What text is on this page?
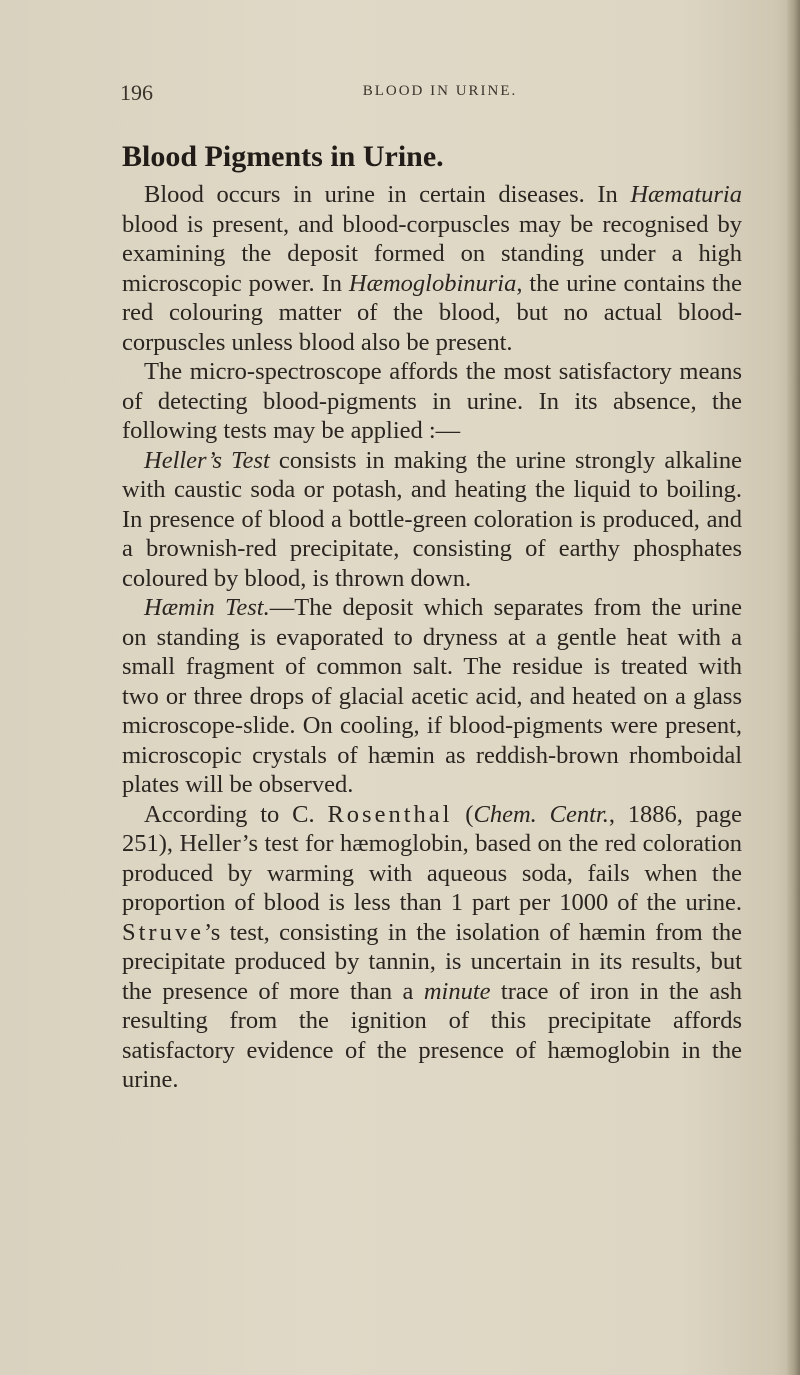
196	BLOOD IN URINE.
Blood Pigments in Urine.

Blood occurs in urine in certain diseases. In Hæmaturia blood is present, and blood-corpuscles may be recognised by examining the deposit formed on standing under a high microscopic power. In Hæmoglobinuria, the urine contains the red colouring matter of the blood, but no actual blood-corpuscles unless blood also be present.

The micro-spectroscope affords the most satisfactory means of detecting blood-pigments in urine. In its absence, the following tests may be applied :—

Heller’s Test consists in making the urine strongly alkaline with caustic soda or potash, and heating the liquid to boiling. In presence of blood a bottle-green coloration is produced, and a brownish-red precipitate, consisting of earthy phosphates coloured by blood, is thrown down.

Hæmin Test.—The deposit which separates from the urine on standing is evaporated to dryness at a gentle heat with a small fragment of common salt. The residue is treated with two or three drops of glacial acetic acid, and heated on a glass microscope-slide. On cooling, if blood-pigments were present, microscopic crystals of hæmin as reddish-brown rhomboidal plates will be observed.

According to C. Rosenthal (Chem. Centr., 1886, page 251), Heller’s test for hæmoglobin, based on the red coloration produced by warming with aqueous soda, fails when the proportion of blood is less than 1 part per 1000 of the urine. Struve’s test, consisting in the isolation of hæmin from the precipitate produced by tannin, is uncertain in its results, but the presence of more than a minute trace of iron in the ash resulting from the ignition of this precipitate affords satisfactory evidence of the presence of hæmoglobin in the urine.
